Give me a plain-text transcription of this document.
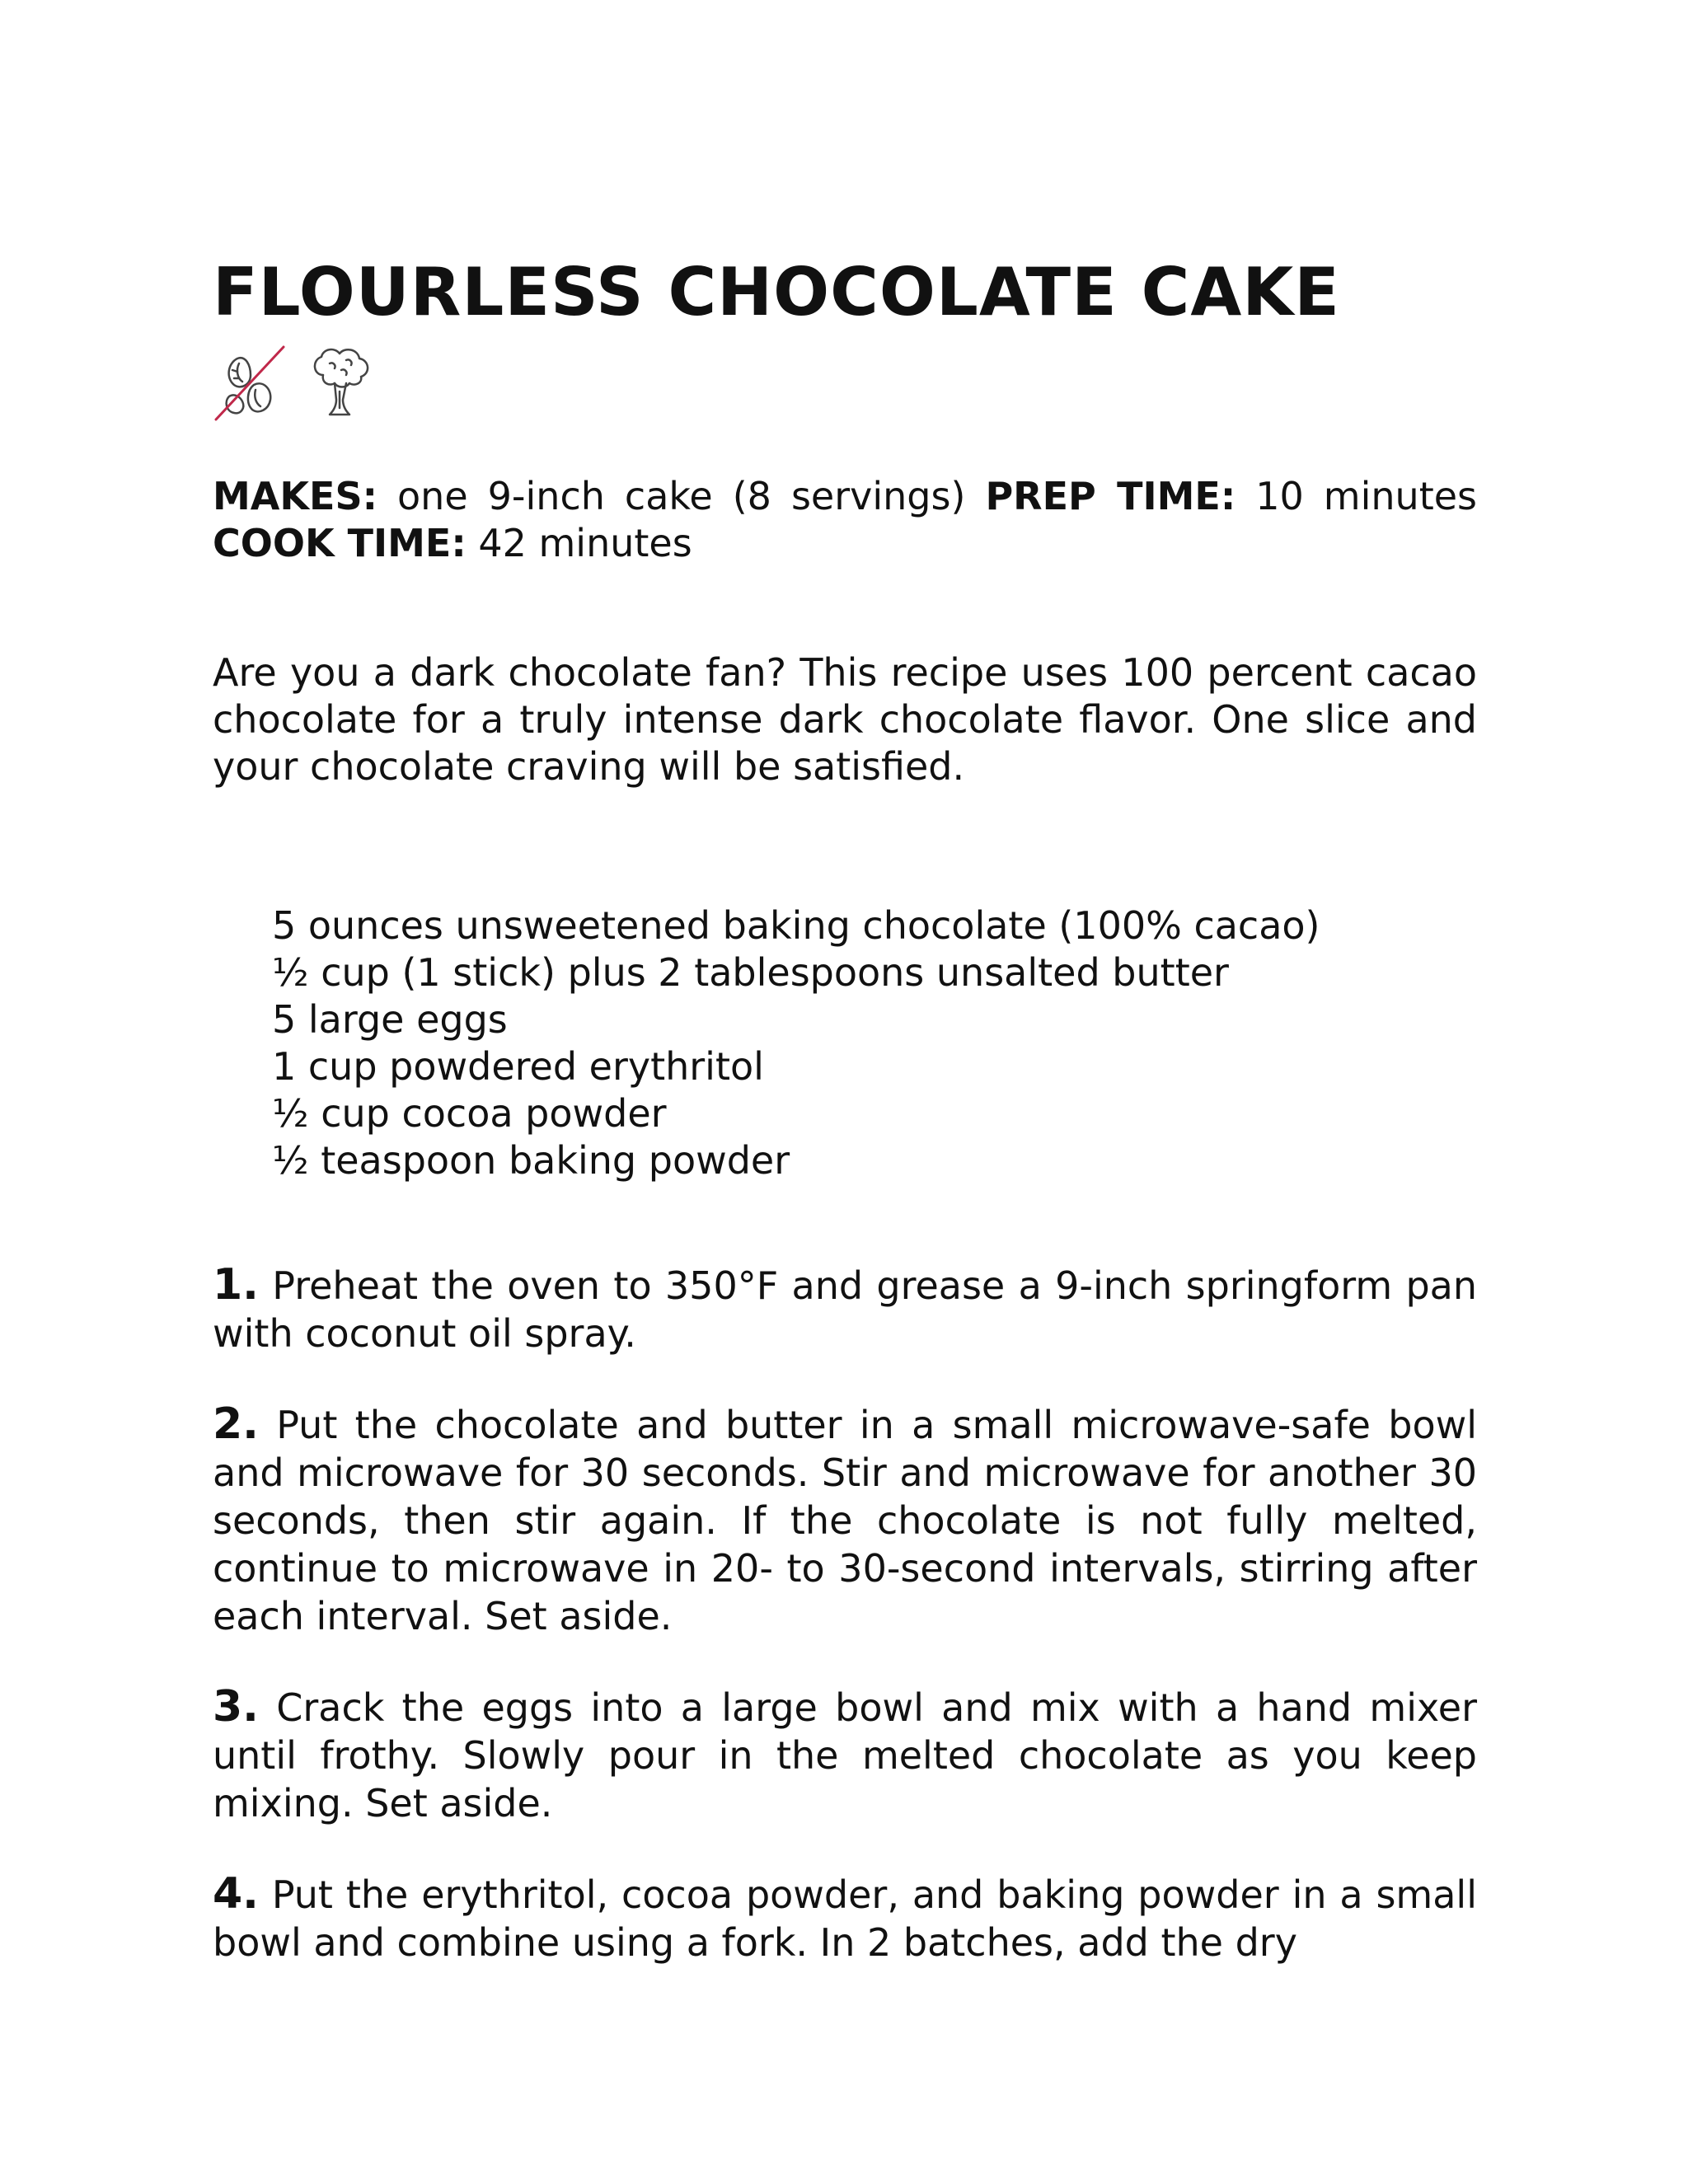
FLOURLESS CHOCOLATE CAKE
MAKES: one 9-inch cake (8 servings) PREP TIME: 10 minutes COOK TIME: 42 minutes

Are you a dark chocolate fan? This recipe uses 100 percent cacao chocolate for a truly intense dark chocolate flavor. One slice and your chocolate craving will be satisfied.

5 ounces unsweetened baking chocolate (100% cacao)
½ cup (1 stick) plus 2 tablespoons unsalted butter
5 large eggs
1 cup powdered erythritol
½ cup cocoa powder
½ teaspoon baking powder

1. Preheat the oven to 350°F and grease a 9-inch springform pan with coconut oil spray.

2. Put the chocolate and butter in a small microwave-safe bowl and microwave for 30 seconds. Stir and microwave for another 30 seconds, then stir again. If the chocolate is not fully melted, continue to microwave in 20- to 30-second intervals, stirring after each interval. Set aside.

3. Crack the eggs into a large bowl and mix with a hand mixer until frothy. Slowly pour in the melted chocolate as you keep mixing. Set aside.

4. Put the erythritol, cocoa powder, and baking powder in a small bowl and combine using a fork. In 2 batches, add the dry
